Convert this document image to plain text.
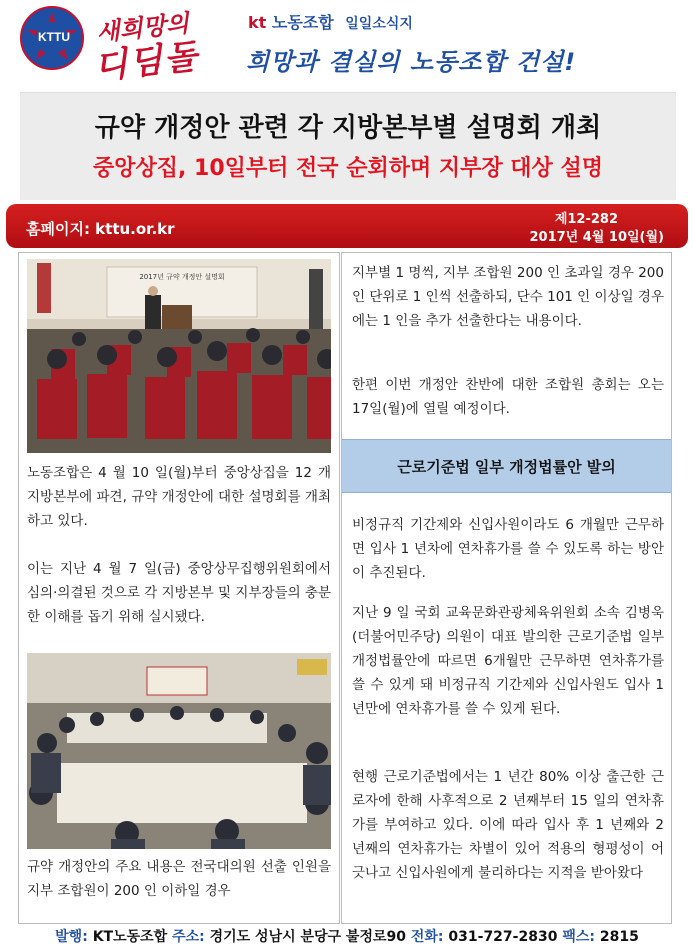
KTTU 새희망의
디딤돌
kt 노동조합 일일소식지
희망과 결실의 노동조합 건설!
규약 개정안 관련 각 지방본부별 설명회 개최
중앙상집, 10일부터 전국 순회하며 지부장 대상 설명
홈페이지: kttu.or.kr
제12-282
2017년 4월 10일(월)
2017년 규약 개정안 설명회
노동조합은 4 월 10 일(월)부터 중앙상집을 12 개 지방본부에 파견, 규약 개정안에 대한 설명회를 개최하고 있다.
이는 지난 4 월 7 일(금) 중앙상무집행위원회에서 심의·의결된 것으로 각 지방본부 및 지부장들의 충분한 이해를 돕기 위해 실시됐다.
규약 개정안의 주요 내용은 전국대의원 선출 인원을 지부 조합원이 200 인 이하일 경우
지부별 1 명씩, 지부 조합원 200 인 초과일 경우 200 인 단위로 1 인씩 선출하되, 단수 101 인 이상일 경우에는 1 인을 추가 선출한다는 내용이다.
한편 이번 개정안 찬반에 대한 조합원 총회는 오는 17일(월)에 열릴 예정이다.
근로기준법 일부 개정법률안 발의
비정규직 기간제와 신입사원이라도 6 개월만 근무하면 입사 1 년차에 연차휴가를 쓸 수 있도록 하는 방안이 추진된다.
지난 9 일 국회 교육문화관광체육위원회 소속 김병욱 (더불어민주당) 의원이 대표 발의한 근로기준법 일부 개정법률안에 따르면 6개월만 근무하면 연차휴가를 쓸 수 있게 돼 비정규직 기간제와 신입사원도 입사 1 년만에 연차휴가를 쓸 수 있게 된다.
현행 근로기준법에서는 1 년간 80% 이상 출근한 근로자에 한해 사후적으로 2 년째부터 15 일의 연차휴가를 부여하고 있다. 이에 따라 입사 후 1 년째와 2 년째의 연차휴가는 차별이 있어 적용의 형평성이 어긋나고 신입사원에게 불리하다는 지적을 받아왔다
발행: KT노동조합 주소: 경기도 성남시 분당구 불정로90 전화: 031-727-2830 팩스: 2815
